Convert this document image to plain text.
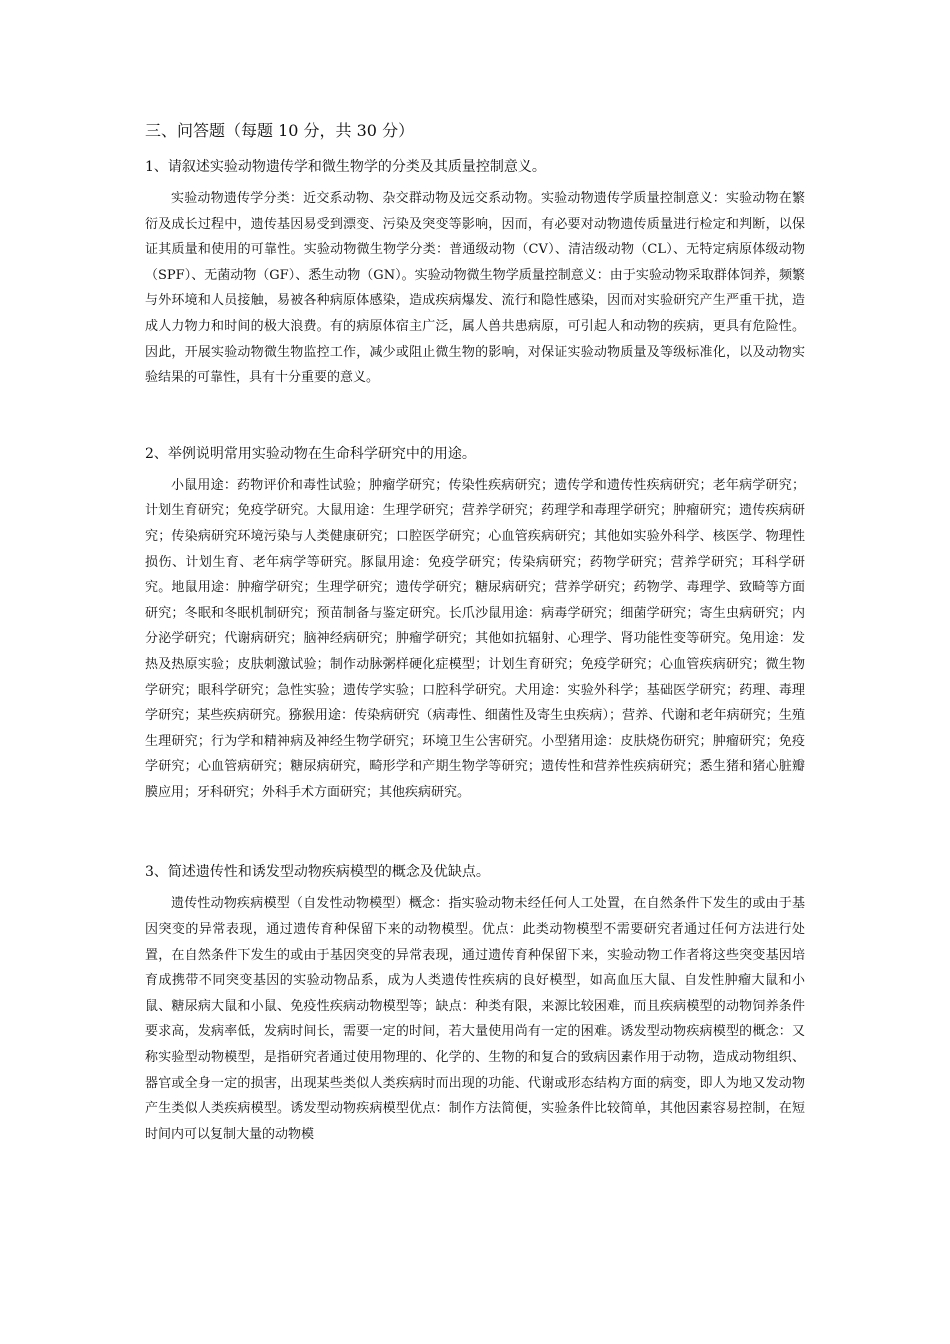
三、问答题（每题 10 分，共 30 分）
1、请叙述实验动物遗传学和微生物学的分类及其质量控制意义。

实验动物遗传学分类：近交系动物、杂交群动物及远交系动物。实验动物遗传学质量控制意义：实验动物在繁衍及成长过程中，遗传基因易受到漂变、污染及突变等影响，因而，有必要对动物遗传质量进行检定和判断，以保证其质量和使用的可靠性。实验动物微生物学分类：普通级动物（CV）、清洁级动物（CL）、无特定病原体级动物（SPF）、无菌动物（GF）、悉生动物（GN）。实验动物微生物学质量控制意义：由于实验动物采取群体饲养，频繁与外环境和人员接触，易被各种病原体感染，造成疾病爆发、流行和隐性感染，因而对实验研究产生严重干扰，造成人力物力和时间的极大浪费。有的病原体宿主广泛，属人兽共患病原，可引起人和动物的疾病，更具有危险性。因此，开展实验动物微生物监控工作，减少或阻止微生物的影响，对保证实验动物质量及等级标准化，以及动物实验结果的可靠性，具有十分重要的意义。

2、举例说明常用实验动物在生命科学研究中的用途。

小鼠用途：药物评价和毒性试验；肿瘤学研究；传染性疾病研究；遗传学和遗传性疾病研究；老年病学研究；计划生育研究；免疫学研究。大鼠用途：生理学研究；营养学研究；药理学和毒理学研究；肿瘤研究；遗传疾病研究；传染病研究环境污染与人类健康研究；口腔医学研究；心血管疾病研究；其他如实验外科学、核医学、物理性损伤、计划生育、老年病学等研究。豚鼠用途：免疫学研究；传染病研究；药物学研究；营养学研究；耳科学研究。地鼠用途：肿瘤学研究；生理学研究；遗传学研究；糖尿病研究；营养学研究；药物学、毒理学、致畸等方面研究；冬眠和冬眠机制研究；预苗制备与鉴定研究。长爪沙鼠用途：病毒学研究；细菌学研究；寄生虫病研究；内分泌学研究；代谢病研究；脑神经病研究；肿瘤学研究；其他如抗辐射、心理学、肾功能性变等研究。兔用途：发热及热原实验；皮肤刺激试验；制作动脉粥样硬化症模型；计划生育研究；免疫学研究；心血管疾病研究；微生物学研究；眼科学研究；急性实验；遗传学实验；口腔科学研究。犬用途：实验外科学；基础医学研究；药理、毒理学研究；某些疾病研究。猕猴用途：传染病研究（病毒性、细菌性及寄生虫疾病）；营养、代谢和老年病研究；生殖生理研究；行为学和精神病及神经生物学研究；环境卫生公害研究。小型猪用途：皮肤烧伤研究；肿瘤研究；免疫学研究；心血管病研究；糖尿病研究，畸形学和产期生物学等研究；遗传性和营养性疾病研究；悉生猪和猪心脏瓣膜应用；牙科研究；外科手术方面研究；其他疾病研究。

3、简述遗传性和诱发型动物疾病模型的概念及优缺点。

遗传性动物疾病模型（自发性动物模型）概念：指实验动物未经任何人工处置，在自然条件下发生的或由于基因突变的异常表现，通过遗传育种保留下来的动物模型。优点：此类动物模型不需要研究者通过任何方法进行处置，在自然条件下发生的或由于基因突变的异常表现，通过遗传育种保留下来，实验动物工作者将这些突变基因培育成携带不同突变基因的实验动物品系，成为人类遗传性疾病的良好模型，如高血压大鼠、自发性肿瘤大鼠和小鼠、糖尿病大鼠和小鼠、免疫性疾病动物模型等；缺点：种类有限，来源比较困难，而且疾病模型的动物饲养条件要求高，发病率低，发病时间长，需要一定的时间，若大量使用尚有一定的困难。诱发型动物疾病模型的概念：又称实验型动物模型，是指研究者通过使用物理的、化学的、生物的和复合的致病因素作用于动物，造成动物组织、器官或全身一定的损害，出现某些类似人类疾病时而出现的功能、代谢或形态结构方面的病变，即人为地又发动物产生类似人类疾病模型。诱发型动物疾病模型优点：制作方法简便，实验条件比较简单，其他因素容易控制，在短时间内可以复制大量的动物模
